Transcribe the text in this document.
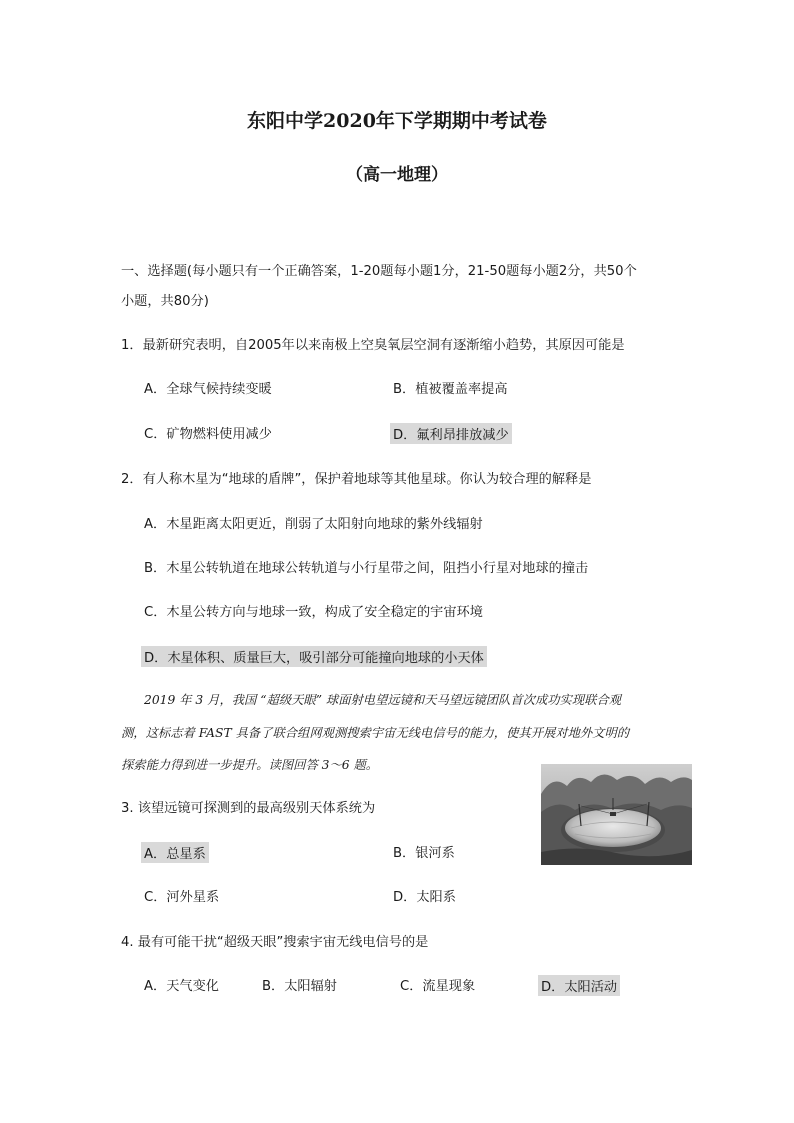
东阳中学2020年下学期期中考试卷
（高一地理）
一、选择题(每小题只有一个正确答案，1-20题每小题1分，21-50题每小题2分，共50个
小题，共80分)
1．最新研究表明，自2005年以来南极上空臭氧层空洞有逐渐缩小趋势，其原因可能是
A．全球气候持续变暖	B．植被覆盖率提高
C．矿物燃料使用减少	D．氟利昂排放减少
2．有人称木星为“地球的盾牌”，保护着地球等其他星球。你认为较合理的解释是
A．木星距离太阳更近，削弱了太阳射向地球的紫外线辐射
B．木星公转轨道在地球公转轨道与小行星带之间，阻挡小行星对地球的撞击
C．木星公转方向与地球一致，构成了安全稳定的宇宙环境
D．木星体积、质量巨大，吸引部分可能撞向地球的小天体
2019 年 3 月，我国 “超级天眼” 球面射电望远镜和天马望远镜团队首次成功实现联合观
测，这标志着 FAST 具备了联合组网观测搜索宇宙无线电信号的能力，使其开展对地外文明的
探索能力得到进一步提升。读图回答 3～6 题。
3. 该望远镜可探测到的最高级别天体系统为
A．总星系	B．银河系
C．河外星系	D．太阳系
4. 最有可能干扰“超级天眼”搜索宇宙无线电信号的是
A．天气变化	B．太阳辐射	C．流星现象	D．太阳活动
